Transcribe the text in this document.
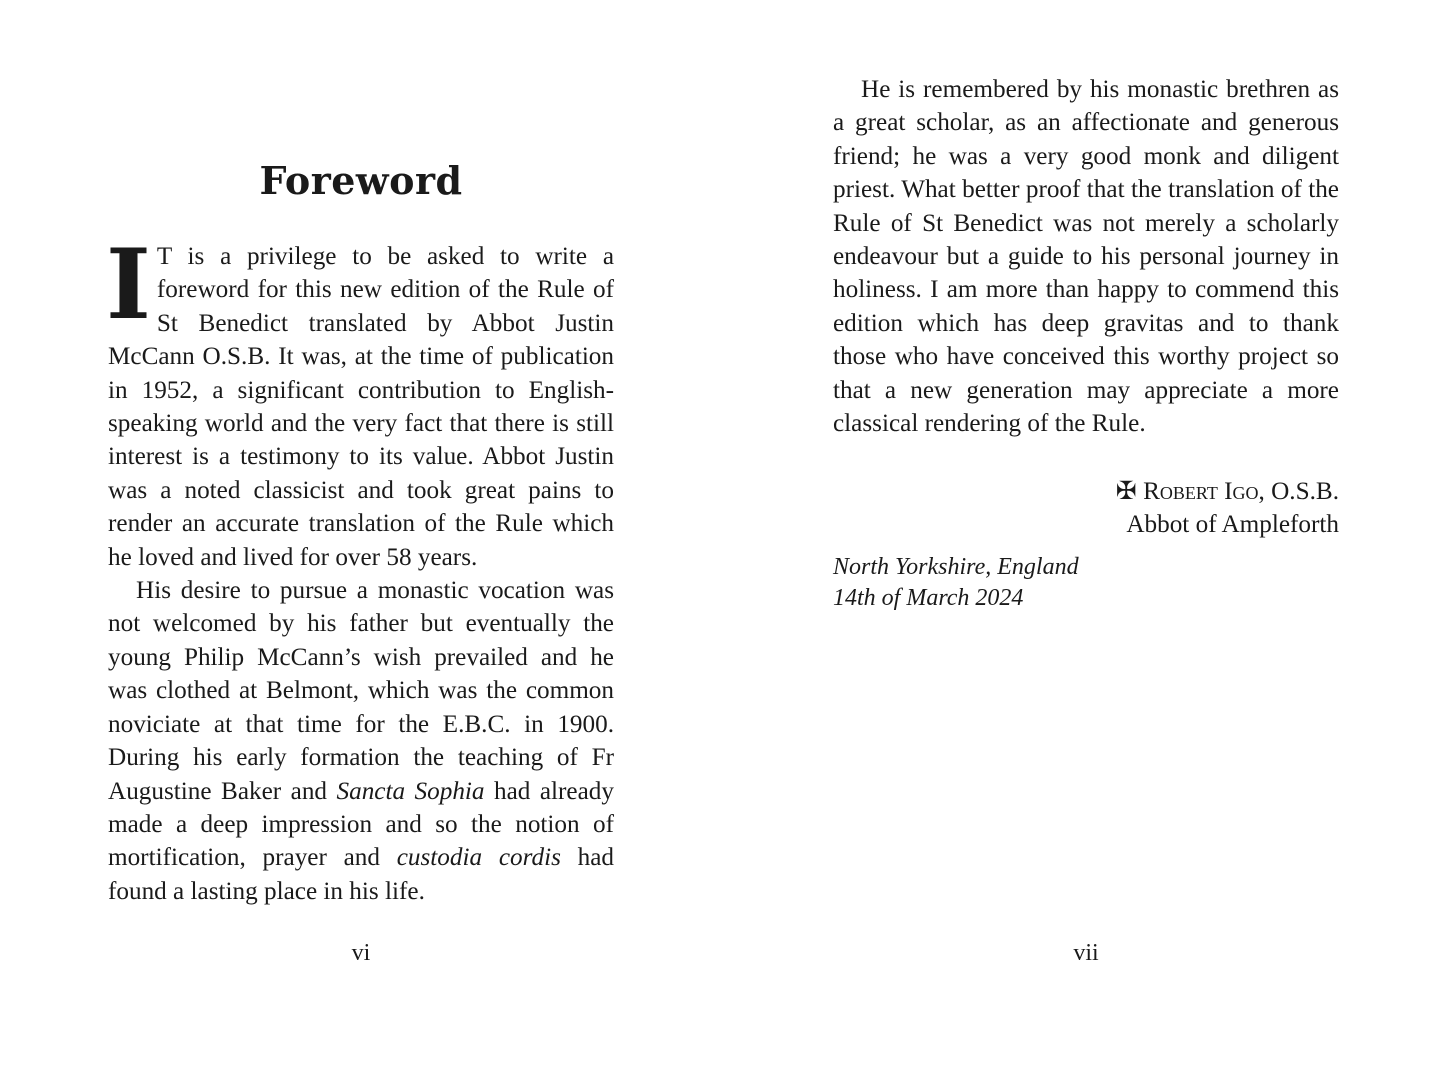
Foreword

I T is a privilege to be asked to write a foreword for this new edition of the Rule of St Benedict translated by Abbot Justin McCann O.S.B. It was, at the time of publication in 1952, a significant contribution to English-speaking world and the very fact that there is still interest is a testimony to its value. Abbot Justin was a noted classicist and took great pains to render an accurate translation of the Rule which he loved and lived for over 58 years.

His desire to pursue a monastic vocation was not welcomed by his father but eventually the young Philip McCann’s wish prevailed and he was clothed at Belmont, which was the common noviciate at that time for the E.B.C. in 1900. During his early formation the teaching of Fr Augustine Baker and Sancta Sophia had already made a deep impression and so the notion of mortification, prayer and custodia cordis had found a lasting place in his life.

vi

He is remembered by his monastic brethren as a great scholar, as an affectionate and generous friend; he was a very good monk and diligent priest. What better proof that the translation of the Rule of St Benedict was not merely a scholarly endeavour but a guide to his personal journey in holiness. I am more than happy to commend this edition which has deep gravitas and to thank those who have conceived this worthy project so that a new generation may appreciate a more classical rendering of the Rule.

✠ Robert Igo, O.S.B.
Abbot of Ampleforth
North Yorkshire, England
14th of March 2024
vii
